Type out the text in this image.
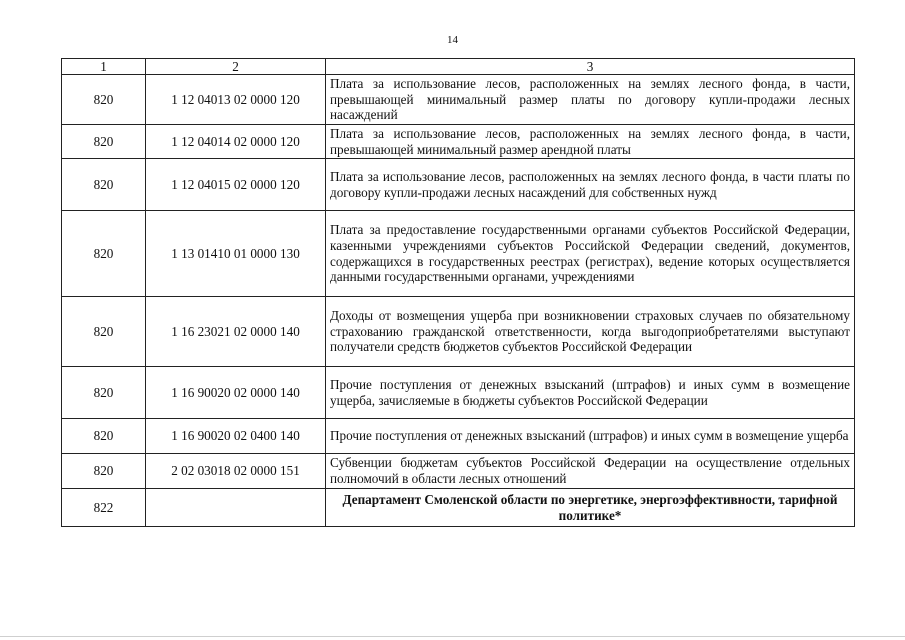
14
1	2	3
820	1 12 04013 02 0000 120	Плата за использование лесов, расположенных на землях лесного фонда, в части, превышающей минимальный размер платы по договору купли-продажи лесных насаждений
820	1 12 04014 02 0000 120	Плата за использование лесов, расположенных на землях лесного фонда, в части, превышающей минимальный размер арендной платы
820	1 12 04015 02 0000 120	Плата за использование лесов, расположенных на землях лесного фонда, в части платы по договору купли-продажи лесных насаждений для собственных нужд
820	1 13 01410 01 0000 130	Плата за предоставление государственными органами субъектов Российской Федерации, казенными учреждениями субъектов Российской Федерации сведений, документов, содержащихся в государственных реестрах (регистрах), ведение которых осуществляется данными государственными органами, учреждениями
820	1 16 23021 02 0000 140	Доходы от возмещения ущерба при возникновении страховых случаев по обязательному страхованию гражданской ответственности, когда выгодоприобретателями выступают получатели средств бюджетов субъектов Российской Федерации
820	1 16 90020 02 0000 140	Прочие поступления от денежных взысканий (штрафов) и иных сумм в возмещение ущерба, зачисляемые в бюджеты субъектов Российской Федерации
820	1 16 90020 02 0400 140	Прочие поступления от денежных взысканий (штрафов) и иных сумм в возмещение ущерба
820	2 02 03018 02 0000 151	Субвенции бюджетам субъектов Российской Федерации на осуществление отдельных полномочий в области лесных отношений
822		Департамент Смоленской области по энергетике, энергоэффективности, тарифной политике*
